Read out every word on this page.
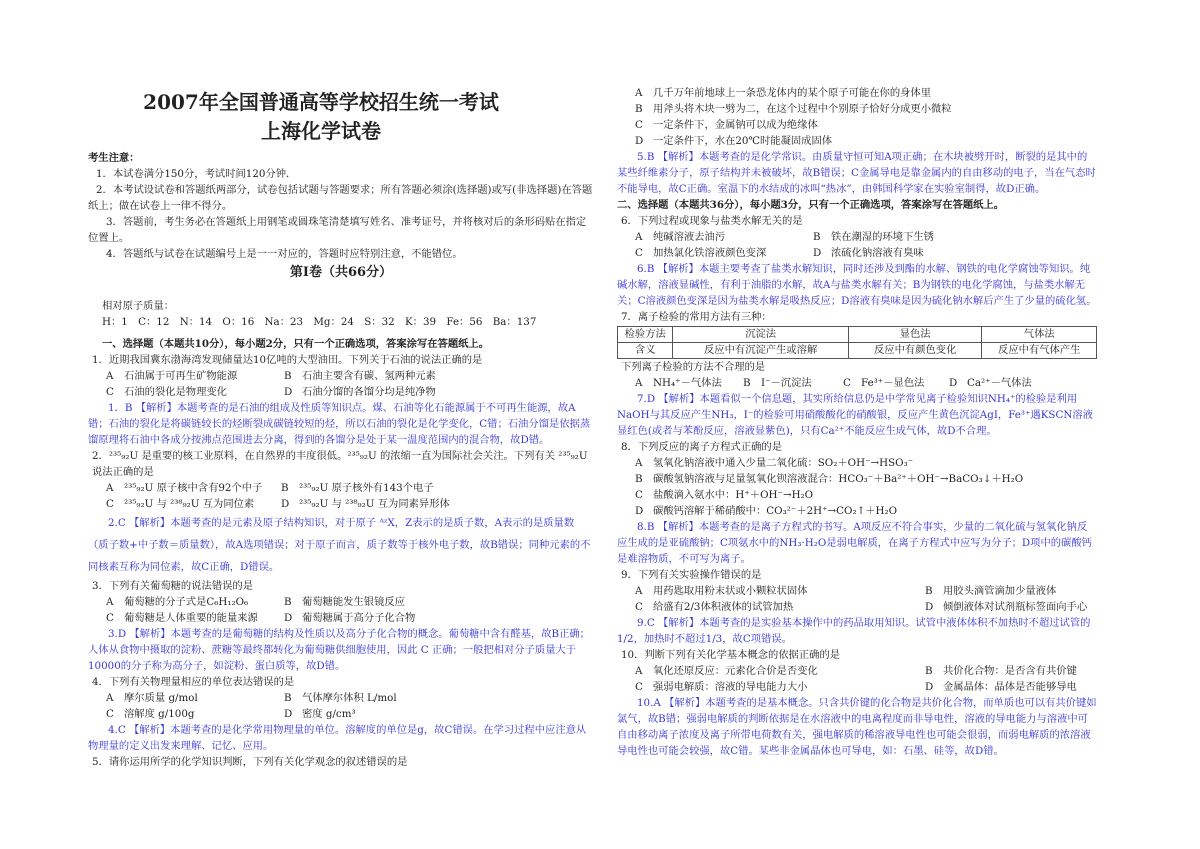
2007年全国普通高等学校招生统一考试
上海化学试卷
考生注意：
1．本试卷满分150分，考试时间120分钟．
2．本考试设试卷和答题纸两部分，试卷包括试题与答题要求；所有答题必须涂(选择题)或写(非选择题)在答题纸上；做在试卷上一律不得分。
3．答题前，考生务必在答题纸上用钢笔或圆珠笔清楚填写姓名、准考证号，并将核对后的条形码贴在指定位置上。
4．答题纸与试卷在试题编号上是一一对应的，答题时应特别注意，不能错位。
第Ⅰ卷（共66分）
相对原子质量：
H：1　C：12　N：14　O：16　Na：23　Mg：24　S：32　K：39　Fe：56　Ba：137
一、选择题（本题共10分），每小题2分，只有一个正确选项，答案涂写在答题纸上。
1．近期我国冀东渤海湾发现储量达10亿吨的大型油田。下列关于石油的说法正确的是
A 石油属于可再生矿物能源	B 石油主要含有碳、氢两种元素
C 石油的裂化是物理变化	D 石油分馏的各馏分均是纯净物
1．B 【解析】本题考查的是石油的组成及性质等知识点。煤、石油等化石能源属于不可再生能源，故A错；石油的裂化是将碳链较长的烃断裂成碳链较短的烃，所以石油的裂化是化学变化，C错；石油分馏是依据蒸馏原理将石油中各成分按沸点范围进去分离，得到的各馏分是处于某一温度范围内的混合物，故D错。
2．²³⁵₉₂U 是重要的核工业原料，在自然界的丰度很低。²³⁵₉₂U 的浓缩一直为国际社会关注。下列有关 ²³⁵₉₂U 说法正确的是
A ²³⁵₉₂U 原子核中含有92个中子	B ²³⁵₉₂U 原子核外有143个电子
C ²³⁵₉₂U 与 ²³⁸₉₂U 互为同位素	D ²³⁵₉₂U 与 ²³⁸₉₂U 互为同素异形体
2.C 【解析】本题考查的是元素及原子结构知识，对于原子 ᴬᶻX，Z表示的是质子数，A表示的是质量数（质子数+中子数＝质量数），故A选项错误；对于原子而言，质子数等于核外电子数，故B错误；同种元素的不同核素互称为同位素，故C正确，D错误。
3．下列有关葡萄糖的说法错误的是
A 葡萄糖的分子式是C₆H₁₂O₆	B 葡萄糖能发生银镜反应
C 葡萄糖是人体重要的能量来源	D 葡萄糖属于高分子化合物
3.D 【解析】本题考查的是葡萄糖的结构及性质以及高分子化合物的概念。葡萄糖中含有醛基，故B正确；人体从食物中摄取的淀粉、蔗糖等最终都转化为葡萄糖供细胞使用，因此 C 正确；一般把相对分子质量大于10000的分子称为高分子，如淀粉、蛋白质等，故D错。
4．下列有关物理量相应的单位表达错误的是
A 摩尔质量 g/mol	B 气体摩尔体积 L/mol
C 溶解度 g/100g	D 密度 g/cm³
4.C 【解析】本题考查的是化学常用物理量的单位。溶解度的单位是g，故C错误。在学习过程中应注意从物理量的定义出发来理解、记忆、应用。
5．请你运用所学的化学知识判断，下列有关化学观念的叙述错误的是
A 几千万年前地球上一条恐龙体内的某个原子可能在你的身体里
B 用斧头将木块一劈为二，在这个过程中个别原子恰好分成更小微粒
C 一定条件下，金属钠可以成为绝缘体
D 一定条件下，水在20℃时能凝固成固体
5.B 【解析】本题考查的是化学常识。由质量守恒可知A项正确；在木块被劈开时，断裂的是其中的某些纤维素分子，原子结构并未被破坏，故B错误；C金属导电是靠金属内的自由移动的电子，当在气态时不能导电，故C正确。室温下的水结成的冰叫“热冰”，由韩国科学家在实验室制得，故D正确。
二、选择题（本题共36分），每小题3分，只有一个正确选项，答案涂写在答题纸上。
6．下列过程或现象与盐类水解无关的是
A 纯碱溶液去油污	B 铁在潮湿的环境下生锈
C 加热氯化铁溶液颜色变深	D 浓硫化钠溶液有臭味
6.B 【解析】本题主要考查了盐类水解知识，同时还涉及到酯的水解、钢铁的电化学腐蚀等知识。纯碱水解，溶液显碱性，有利于油脂的水解，故A与盐类水解有关；B为钢铁的电化学腐蚀，与盐类水解无关；C溶液颜色变深是因为盐类水解是吸热反应；D溶液有臭味是因为硫化钠水解后产生了少量的硫化氢。
7．离子检验的常用方法有三种：
检验方法	沉淀法	显色法	气体法
含义	反应中有沉淀产生或溶解	反应中有颜色变化	反应中有气体产生
下列离子检验的方法不合理的是
A NH₄⁺－气体法	B I⁻－沉淀法	C Fe³⁺－显色法	D Ca²⁺－气体法
7.D 【解析】本题看似一个信息题，其实所给信息仍是中学常见离子检验知识NH₄⁺的检验是利用NaOH与其反应产生NH₃，I⁻的检验可用硝酸酸化的硝酸银，反应产生黄色沉淀AgI，Fe³⁺遇KSCN溶液显红色(或者与苯酚反应，溶液显紫色)，只有Ca²⁺不能反应生成气体，故D不合理。
8．下列反应的离子方程式正确的是
A 氢氧化钠溶液中通入少量二氧化硫：SO₂＋OH⁻→HSO₃⁻
B 碳酸氢钠溶液与足量氢氧化钡溶液混合：HCO₃⁻＋Ba²⁺＋OH⁻→BaCO₃↓＋H₂O
C 盐酸滴入氨水中：H⁺＋OH⁻→H₂O
D 碳酸钙溶解于稀硝酸中：CO₃²⁻＋2H⁺→CO₂↑＋H₂O
8.B 【解析】本题考查的是离子方程式的书写。A项反应不符合事实，少量的二氧化硫与氢氧化钠反应生成的是亚硫酸钠；C项氨水中的NH₃·H₂O是弱电解质，在离子方程式中应写为分子；D项中的碳酸钙是难溶物质，不可写为离子。
9．下列有关实验操作错误的是
A 用药匙取用粉末状或小颗粒状固体	B 用胶头滴管滴加少量液体
C 给盛有2/3体积液体的试管加热	D 倾倒液体对试剂瓶标签面向手心
9.C 【解析】本题考查的是实验基本操作中的药品取用知识。试管中液体体积不加热时不超过试管的1/2，加热时不超过1/3，故C项错误。
10．判断下列有关化学基本概念的依据正确的是
A 氧化还原反应：元素化合价是否变化	B 共价化合物：是否含有共价键
C 强弱电解质：溶液的导电能力大小	D 金属晶体：晶体是否能够导电
10.A 【解析】本题考查的是基本概念。只含共价键的化合物是共价化合物，而单质也可以有共价键如氯气，故B错；强弱电解质的判断依据是在水溶液中的电离程度而非导电性，溶液的导电能力与溶液中可自由移动离子浓度及离子所带电荷数有关，强电解质的稀溶液导电性也可能会很弱，而弱电解质的浓溶液导电性也可能会较强，故C错。某些非金属晶体也可导电，如：石墨、硅等，故D错。
